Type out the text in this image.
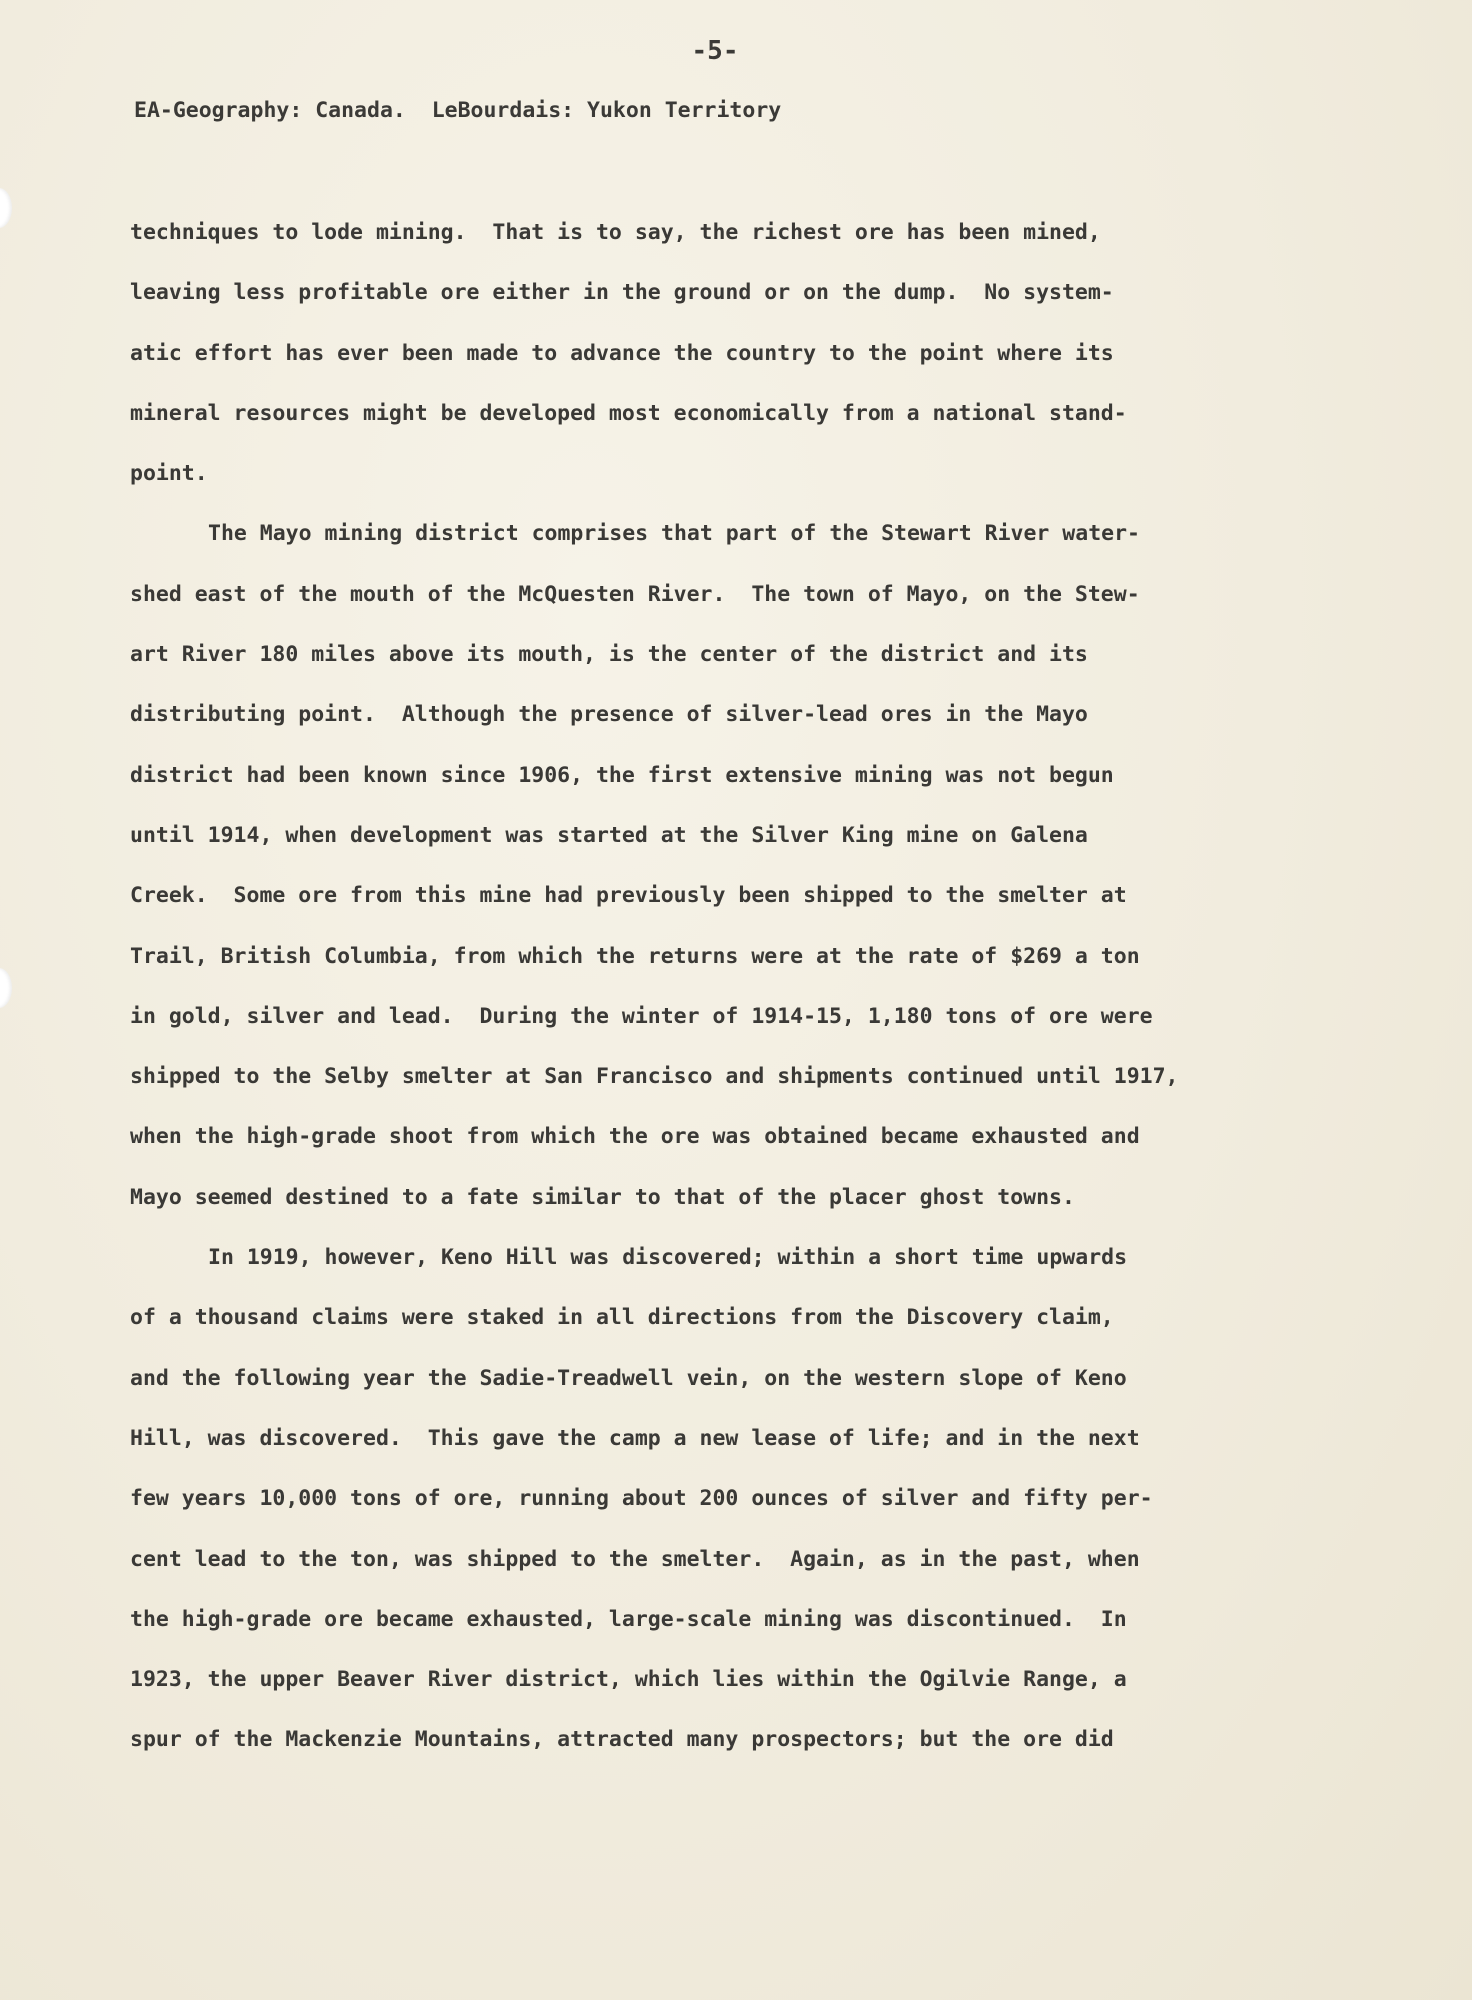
-5-
EA-Geography: Canada.  LeBourdais: Yukon Territory
techniques to lode mining.  That is to say, the richest ore has been mined,
leaving less profitable ore either in the ground or on the dump.  No system-
atic effort has ever been made to advance the country to the point where its
mineral resources might be developed most economically from a national stand-
point.
The Mayo mining district comprises that part of the Stewart River water-
shed east of the mouth of the McQuesten River.  The town of Mayo, on the Stew-
art River 180 miles above its mouth, is the center of the district and its
distributing point.  Although the presence of silver-lead ores in the Mayo
district had been known since 1906, the first extensive mining was not begun
until 1914, when development was started at the Silver King mine on Galena
Creek.  Some ore from this mine had previously been shipped to the smelter at
Trail, British Columbia, from which the returns were at the rate of $269 a ton
in gold, silver and lead.  During the winter of 1914-15, 1,180 tons of ore were
shipped to the Selby smelter at San Francisco and shipments continued until 1917,
when the high-grade shoot from which the ore was obtained became exhausted and
Mayo seemed destined to a fate similar to that of the placer ghost towns.
In 1919, however, Keno Hill was discovered; within a short time upwards
of a thousand claims were staked in all directions from the Discovery claim,
and the following year the Sadie-Treadwell vein, on the western slope of Keno
Hill, was discovered.  This gave the camp a new lease of life; and in the next
few years 10,000 tons of ore, running about 200 ounces of silver and fifty per-
cent lead to the ton, was shipped to the smelter.  Again, as in the past, when
the high-grade ore became exhausted, large-scale mining was discontinued.  In
1923, the upper Beaver River district, which lies within the Ogilvie Range, a
spur of the Mackenzie Mountains, attracted many prospectors; but the ore did
